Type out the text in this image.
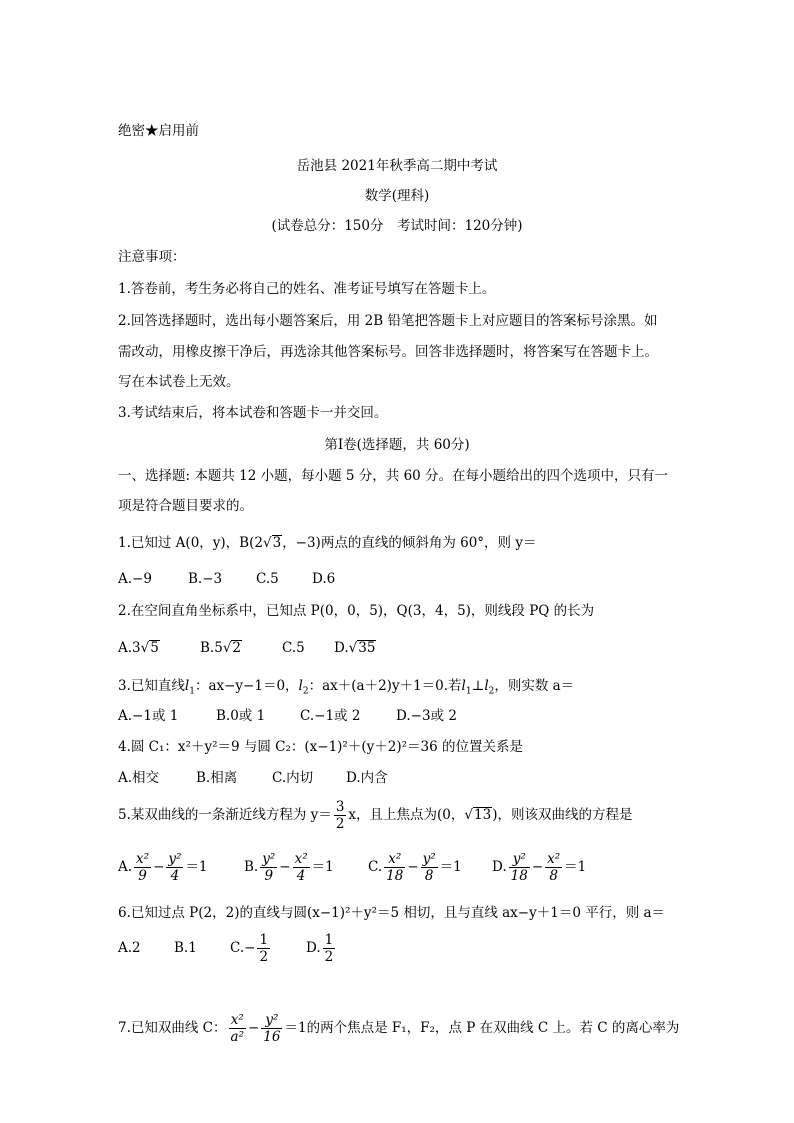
绝密★启用前
岳池县 2021年秋季高二期中考试
数学(理科)
(试卷总分：150分　考试时间：120分钟)
注意事项：
1.答卷前，考生务必将自己的姓名、准考证号填写在答题卡上。
2.回答选择题时，选出每小题答案后，用 2B 铅笔把答题卡上对应题目的答案标号涂黑。如
需改动，用橡皮擦干净后，再选涂其他答案标号。回答非选择题时，将答案写在答题卡上。
写在本试卷上无效。
3.考试结束后，将本试卷和答题卡一并交回。
第Ⅰ卷(选择题，共 60分)
一、选择题: 本题共 12 小题，每小题 5 分，共 60 分。在每小题给出的四个选项中，只有一
项是符合题目要求的。
1.已知过 A(0，y)，B(2√3，−3)两点的直线的倾斜角为 60°，则 y＝
A.−9	B.−3	C.5 D.6
2.在空间直角坐标系中，已知点 P(0，0，5)，Q(3，4，5)，则线段 PQ 的长为
A.3√5	B.5√2	C.5 D.√35
3.已知直线$l_1$：ax−y−1＝0，$l_2$：ax＋(a＋2)y＋1＝0.若$l_1\perp l_2$，则实数 a＝
A.−1或 1	B.0或 1	C.−1或 2	D.−3或 2
4.圆 C₁：x²＋y²＝9 与圆 C₂：(x−1)²＋(y＋2)²＝36 的位置关系是
A.相交	B.相离	C.内切 D.内含
5.某双曲线的一条渐近线方程为 $y= \frac{3}{2}$ x，且上焦点为(0，√13)，则该双曲线的方程是
A. $\frac{\text{x²}}{9} - \frac{\text{y²}}{4} =1$	B. $\frac{\text{y²}}{9} - \frac{\text{x²}}{4} =1$	C. $\frac{\text{x²}}{18} - \frac{\text{y²}}{8} =1$ D. $\frac{\text{y²}}{18} - \frac{\text{x²}}{8} =1$
6.已知过点 P(2，2)的直线与圆(x−1)²＋y²＝5 相切，且与直线 ax−y＋1＝0 平行，则 a＝
A.2 B.1 $C.- \frac{1}{2}$	D. $\frac{1}{2}$
7.已知双曲线 C： $\frac{\text{x²}}{\text{a²}} - \frac{\text{y²}}{16} =1$的两个焦点是 F₁，F₂，点 P 在双曲线 C 上。若 C 的离心率为
